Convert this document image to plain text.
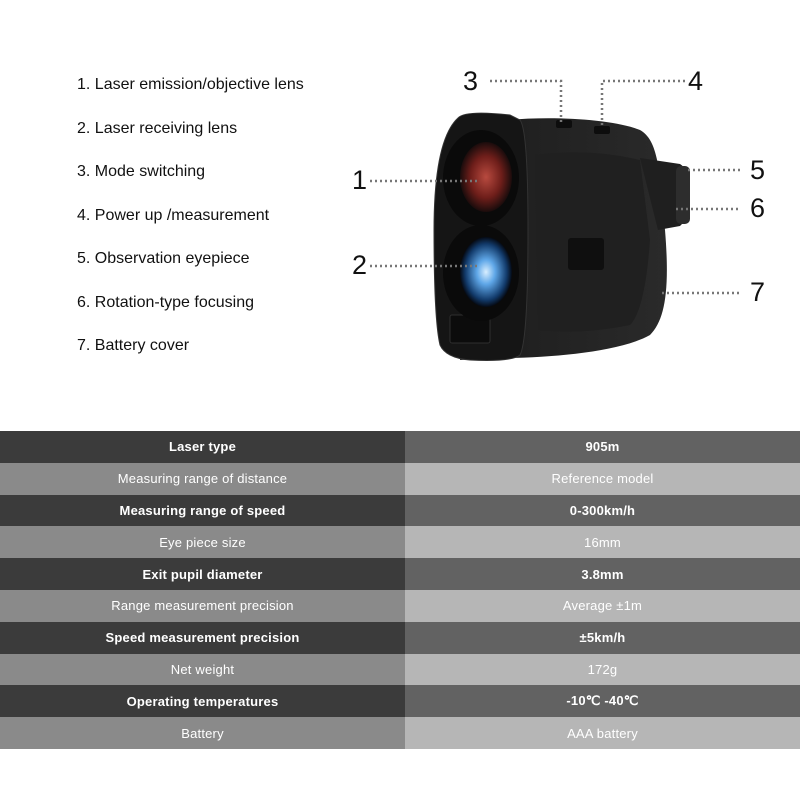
1. Laser emission/objective lens
2. Laser receiving lens
3. Mode switching
4. Power up /measurement
5. Observation eyepiece
6. Rotation-type focusing
7. Battery cover
1
2
3	4
5
6
7
Laser type	905m
Measuring range of distance	Reference model
Measuring range of speed	0-300km/h
Eye piece size	16mm
Exit pupil diameter	3.8mm
Range measurement precision	Average ±1m
Speed measurement precision	±5km/h
Net weight	172g
Operating temperatures	-10℃ -40℃
Battery	AAA battery
